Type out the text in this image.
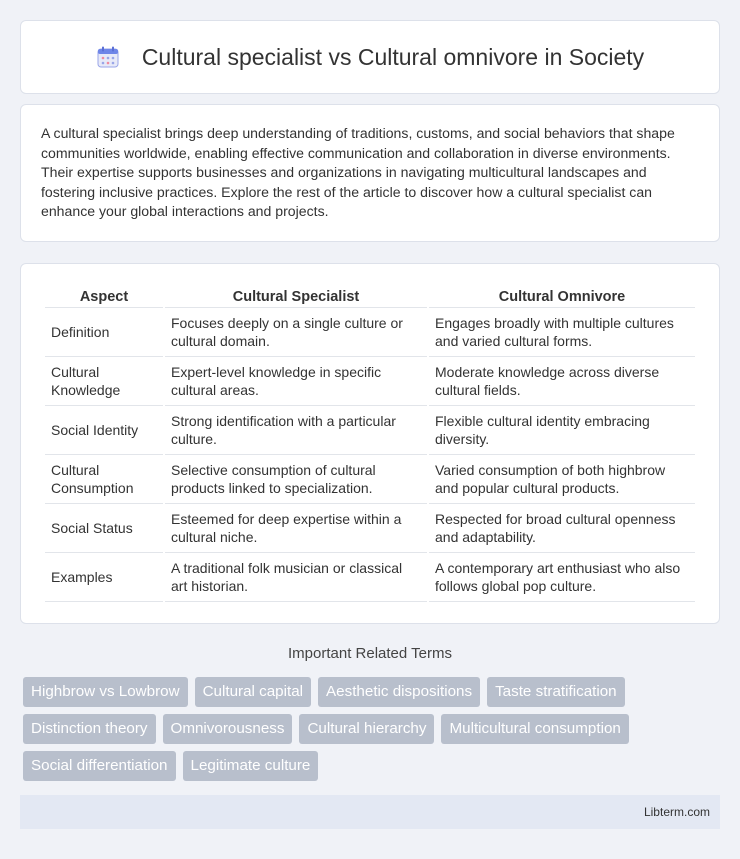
Cultural specialist vs Cultural omnivore in Society

A cultural specialist brings deep understanding of traditions, customs, and social behaviors that shape communities worldwide, enabling effective communication and collaboration in diverse environments. Their expertise supports businesses and organizations in navigating multicultural landscapes and fostering inclusive practices. Explore the rest of the article to discover how a cultural specialist can enhance your global interactions and projects.

Aspect	Cultural Specialist	Cultural Omnivore
Definition	Focuses deeply on a single culture or cultural domain.	Engages broadly with multiple cultures and varied cultural forms.
Cultural Knowledge	Expert-level knowledge in specific cultural areas.	Moderate knowledge across diverse cultural fields.
Social Identity	Strong identification with a particular culture.	Flexible cultural identity embracing diversity.
Cultural Consumption	Selective consumption of cultural products linked to specialization.	Varied consumption of both highbrow and popular cultural products.
Social Status	Esteemed for deep expertise within a cultural niche.	Respected for broad cultural openness and adaptability.
Examples	A traditional folk musician or classical art historian.	A contemporary art enthusiast who also follows global pop culture.
Important Related Terms
Highbrow vs Lowbrow	Cultural capital	Aesthetic dispositions	Taste stratification
Distinction theory	Omnivorousness	Cultural hierarchy	Multicultural consumption
Social differentiation	Legitimate culture
Libterm.com
